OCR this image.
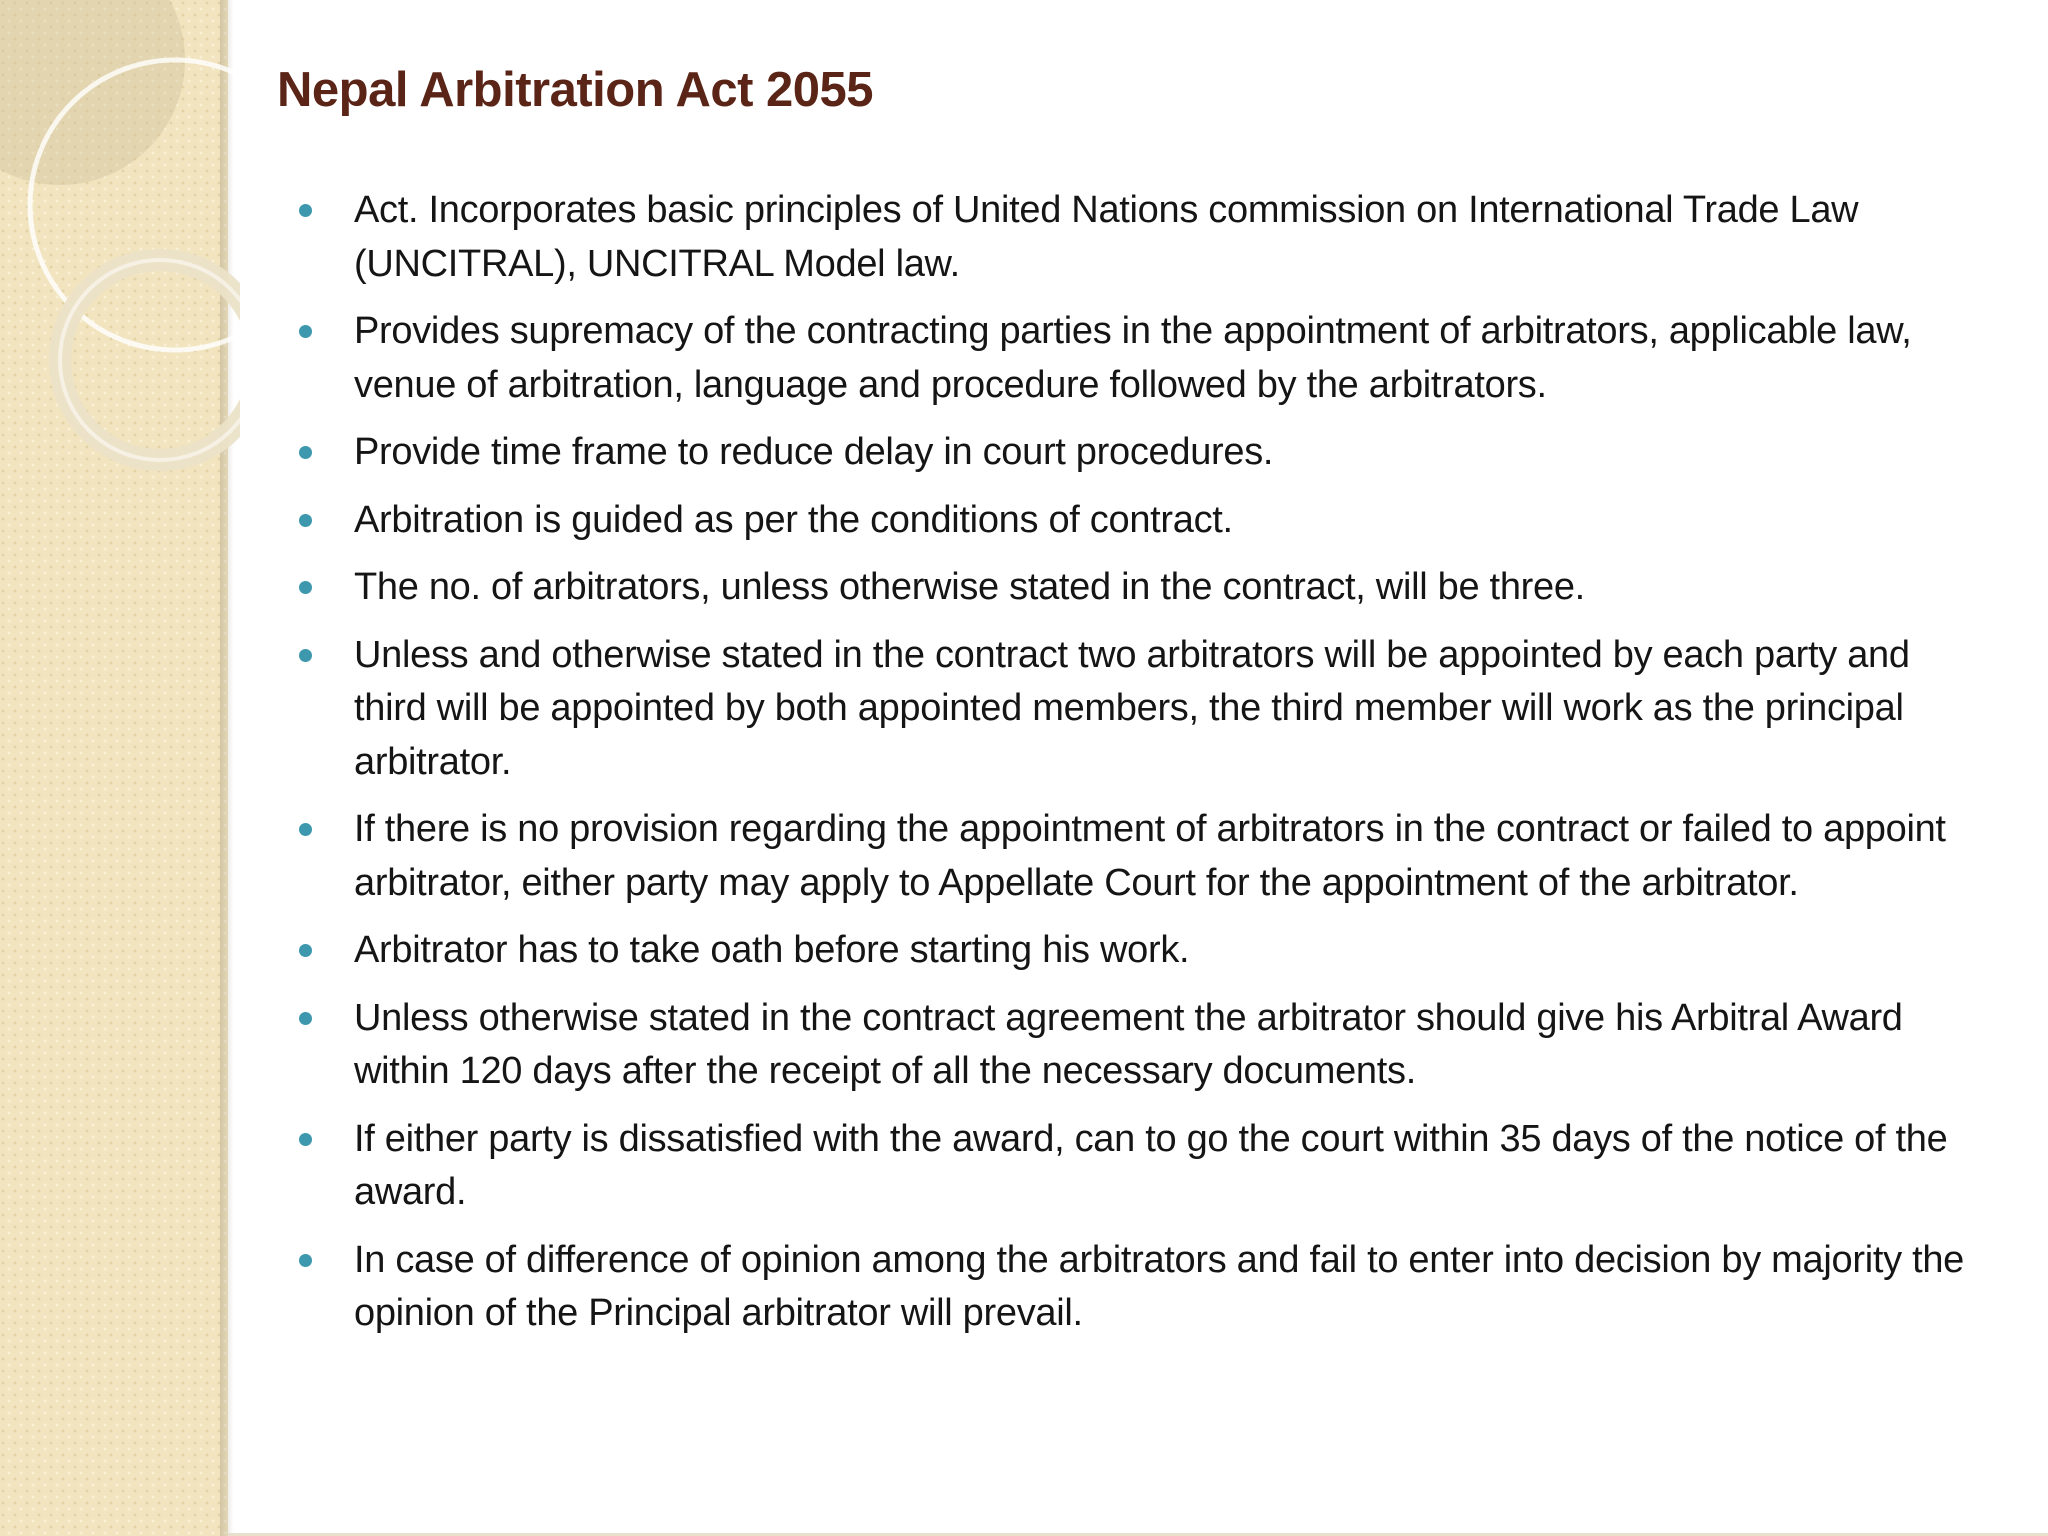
Nepal Arbitration Act 2055
Act. Incorporates basic principles of United Nations commission on International Trade Law (UNCITRAL), UNCITRAL Model law.
Provides supremacy of the contracting parties in the appointment of arbitrators, applicable law, venue of arbitration, language and procedure followed by the arbitrators.
Provide time frame to reduce delay in court procedures.
Arbitration is guided as per the conditions of contract.
The no. of arbitrators, unless otherwise stated in the contract, will be three.
Unless and otherwise stated in the contract two arbitrators will be appointed by each party and third will be appointed by both appointed members, the third member will work as the principal arbitrator.
If there is no provision regarding the appointment of arbitrators in the contract or failed to appoint arbitrator, either party may apply to Appellate Court for the appointment of the arbitrator.
Arbitrator has to take oath before starting his work.
Unless otherwise stated in the contract agreement the arbitrator should give his Arbitral Award within 120 days after the receipt of all the necessary documents.
If either party is dissatisfied with the award, can to go the court within 35 days of the notice of the award.
In case of difference of opinion among the arbitrators and fail to enter into decision by majority the opinion of the Principal arbitrator will prevail.
